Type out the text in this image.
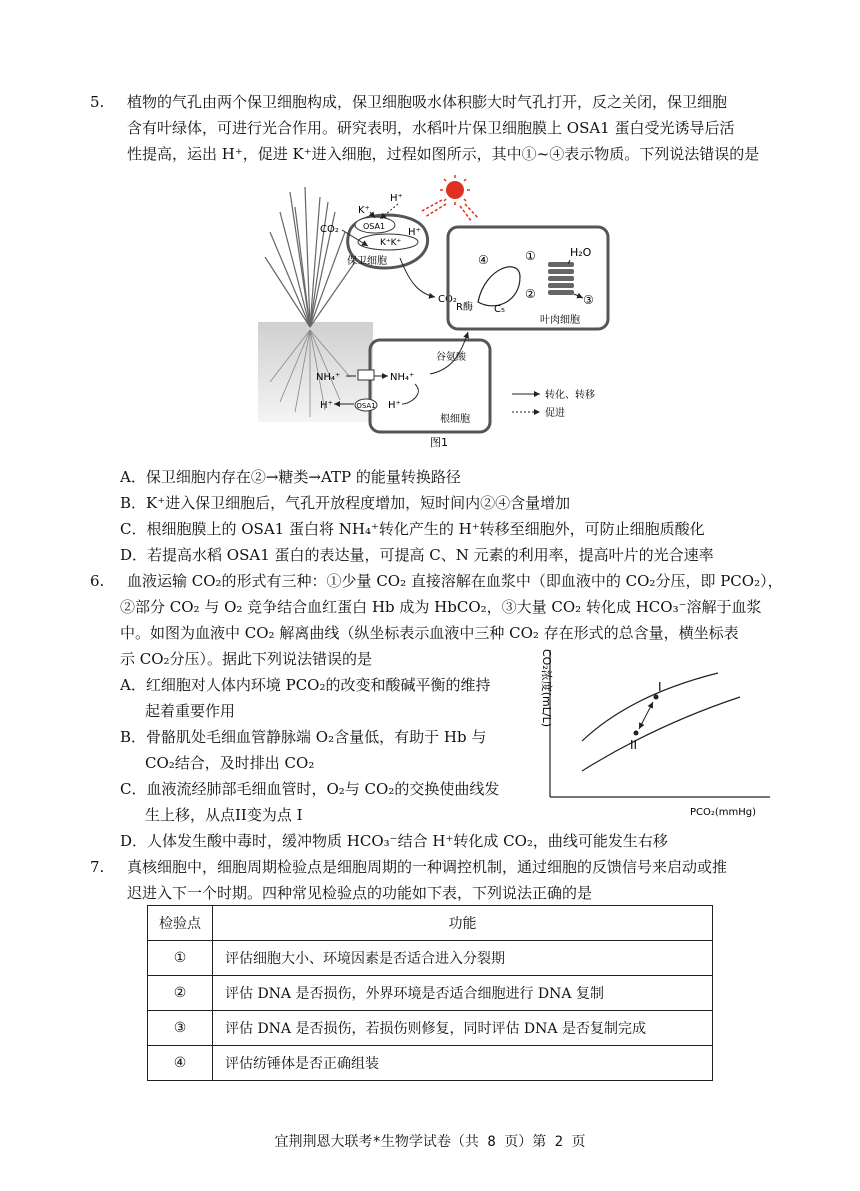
5. 植物的气孔由两个保卫细胞构成，保卫细胞吸水体积膨大时气孔打开，反之关闭，保卫细胞
含有叶绿体，可进行光合作用。研究表明，水稻叶片保卫细胞膜上 OSA1 蛋白受光诱导后活
性提高，运出 H⁺，促进 K⁺进入细胞，过程如图所示，其中①~④表示物质。下列说法错误的是
OSA1
K⁺K⁺
H⁺
K⁺
H⁺
CO₂
保卫细胞
CO₂
④	①
②
C₅
R酶
H₂O
③
叶肉细胞
谷氨酸
NH₄⁺	NH₄⁺
OSA1
H⁺	H⁺
根细胞
转化、转移
促进
图1
A．保卫细胞内存在②→糖类→ATP 的能量转换路径
B．K⁺进入保卫细胞后，气孔开放程度增加，短时间内②④含量增加
C．根细胞膜上的 OSA1 蛋白将 NH₄⁺转化产生的 H⁺转移至细胞外，可防止细胞质酸化
D．若提高水稻 OSA1 蛋白的表达量，可提高 C、N 元素的利用率，提高叶片的光合速率
6. 血液运输 CO₂的形式有三种：①少量 CO₂ 直接溶解在血浆中（即血液中的 CO₂分压，即 PCO₂），
②部分 CO₂ 与 O₂ 竞争结合血红蛋白 Hb 成为 HbCO₂，③大量 CO₂ 转化成 HCO₃⁻溶解于血浆
中。如图为血液中 CO₂ 解离曲线（纵坐标表示血液中三种 CO₂ 存在形式的总含量，横坐标表
示 CO₂分压）。据此下列说法错误的是	CO₂浓度(mL/L)
PCO₂(mmHg)
I
II
A．红细胞对人体内环境 PCO₂的改变和酸碱平衡的维持
起着重要作用
B．骨骼肌处毛细血管静脉端 O₂含量低，有助于 Hb 与
CO₂结合，及时排出 CO₂
C．血液流经肺部毛细血管时，O₂与 CO₂的交换使曲线发
生上移，从点II变为点 I
D．人体发生酸中毒时，缓冲物质 HCO₃⁻结合 H⁺转化成 CO₂，曲线可能发生右移
7. 真核细胞中，细胞周期检验点是细胞周期的一种调控机制，通过细胞的反馈信号来启动或推
迟进入下一个时期。四种常见检验点的功能如下表，下列说法正确的是
检验点	功能
①	评估细胞大小、环境因素是否适合进入分裂期
②	评估 DNA 是否损伤，外界环境是否适合细胞进行 DNA 复制
③	评估 DNA 是否损伤，若损伤则修复，同时评估 DNA 是否复制完成
④	评估纺锤体是否正确组装
宜荆荆恩大联考*生物学试卷（共 8 页）第 2 页
